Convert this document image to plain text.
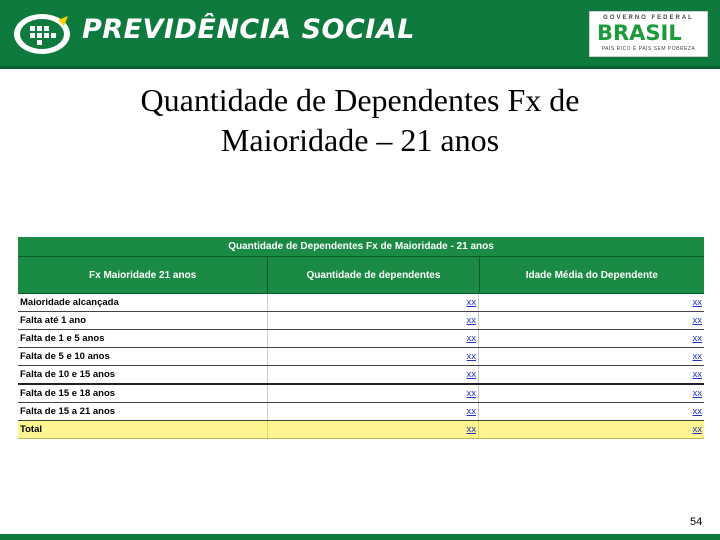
PREVIDÊNCIA SOCIAL	GOVERNO FEDERAL
BRASIL
PAÍS RICO É PAÍS SEM POBREZA
Quantidade de Dependentes Fx de
Maioridade – 21 anos
Quantidade de Dependentes Fx de Maioridade - 21 anos
Fx Maioridade 21 anos	Quantidade de dependentes	Idade Média do Dependente
Maioridade alcançada	xx	xx
Falta até 1 ano	xx	xx
Falta de 1 e 5 anos	xx	xx
Falta de 5 e 10 anos	xx	xx
Falta de 10 e 15 anos	xx	xx
Falta de 15 e 18 anos	xx	xx
Falta de 15 a 21 anos	xx	xx
Total	xx	xx
54
